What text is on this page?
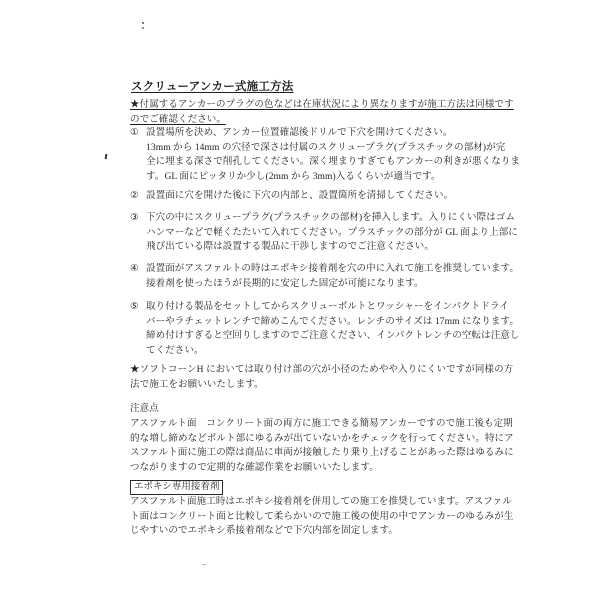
スクリューアンカー式施工方法
★付属するアンカーのプラグの色などは在庫状況により異なりますが施工方法は同様です
のでご確認ください。
① 設置場所を決め、アンカー位置確認後ドリルで下穴を開けてください。
13mm から 14mm の穴径で深さは付属のスクリュープラグ(プラスチックの部材)が完
全に埋まる深さで削孔してください。深く埋まりすぎてもアンカーの利きが悪くなりま
す。GL 面にピッタリか少し(2mm から 3mm)入るくらいが適当です。
② 設置面に穴を開けた後に下穴の内部と、設置箇所を清掃してください。
③ 下穴の中にスクリュープラグ(プラスチックの部材)を挿入します。入りにくい際はゴム
ハンマーなどで軽くたたいて入れてください。プラスチックの部分が GL 面より上部に
飛び出ている際は設置する製品に干渉しますのでご注意ください。
④ 設置面がアスファルトの時はエポキシ接着剤を穴の中に入れて施工を推奨しています。
接着剤を使ったほうが長期的に安定した固定が可能になります。
⑤ 取り付ける製品をセットしてからスクリューボルトとワッシャーをインパクトドライ
バーやラチェットレンチで締めこんでください。レンチのサイズは 17mm になります。
締め付けすぎると空回りしますのでご注意ください、インパクトレンチの空転は注意し
てください。
★ソフトコーンH においては取り付け部の穴が小径のためやや入りにくいですが同様の方
法で施工をお願いいたします。
注意点
アスファルト面　コンクリート面の両方に施工できる簡易アンカーですので施工後も定期
的な増し締めなどボルト部にゆるみが出ていないかをチェックを行ってください。特にア
スファルト面に施工の際は商品に車両が接触したり乗り上げることがあった際はゆるみに
つながりますので定期的な確認作業をお願いいたします。
エポキシ専用接着剤
アスファルト面施工時はエポキシ接着剤を併用しての施工を推奨しています。アスファル
ト面はコンクリート面と比較して柔らかいので施工後の使用の中でアンカーのゆるみが生
じやすいのでエポキシ系接着剤などで下穴内部を固定します。
